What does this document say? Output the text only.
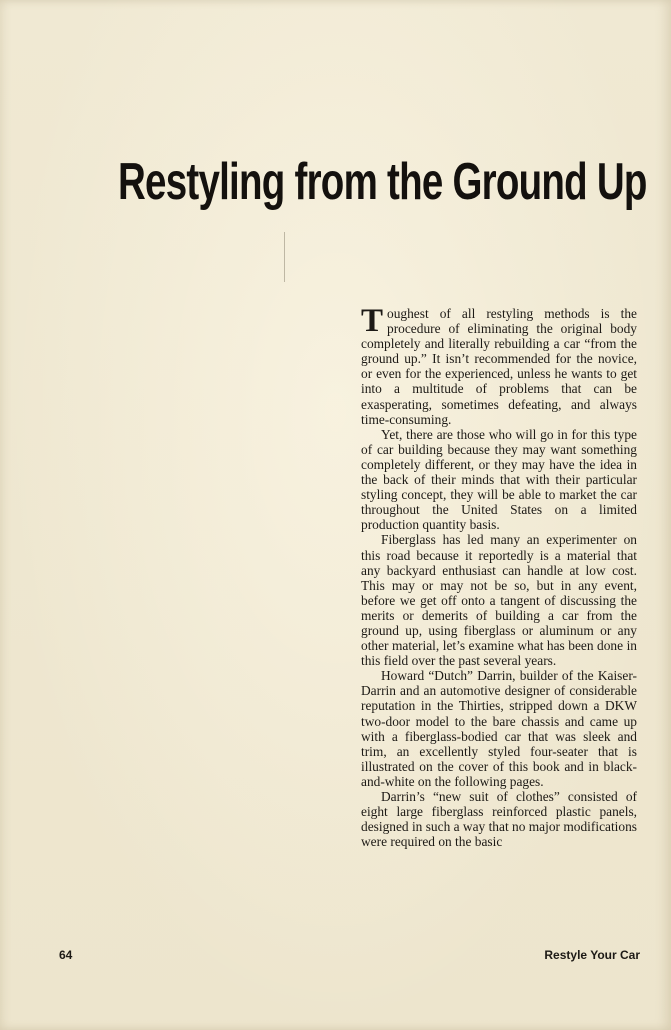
Restyling from the Ground Up

Toughest of all restyling methods is the procedure of eliminating the original body completely and literally rebuilding a car “from the ground up.” It isn’t recommended for the novice, or even for the experienced, unless he wants to get into a multitude of problems that can be exasperating, sometimes defeating, and always time-consuming.

Yet, there are those who will go in for this type of car building because they may want something completely different, or they may have the idea in the back of their minds that with their particular styling concept, they will be able to market the car throughout the United States on a limited production quantity basis.

Fiberglass has led many an experimenter on this road because it reportedly is a material that any backyard enthusiast can handle at low cost. This may or may not be so, but in any event, before we get off onto a tangent of discussing the merits or demerits of building a car from the ground up, using fiberglass or aluminum or any other material, let’s examine what has been done in this field over the past several years.

Howard “Dutch” Darrin, builder of the Kaiser-Darrin and an automotive designer of considerable reputation in the Thirties, stripped down a DKW two-door model to the bare chassis and came up with a fiberglass-bodied car that was sleek and trim, an excellently styled four-seater that is illustrated on the cover of this book and in black-and-white on the following pages.

Darrin’s “new suit of clothes” consisted of eight large fiberglass reinforced plastic panels, designed in such a way that no major modifications were required on the basic

64	Restyle Your Car
